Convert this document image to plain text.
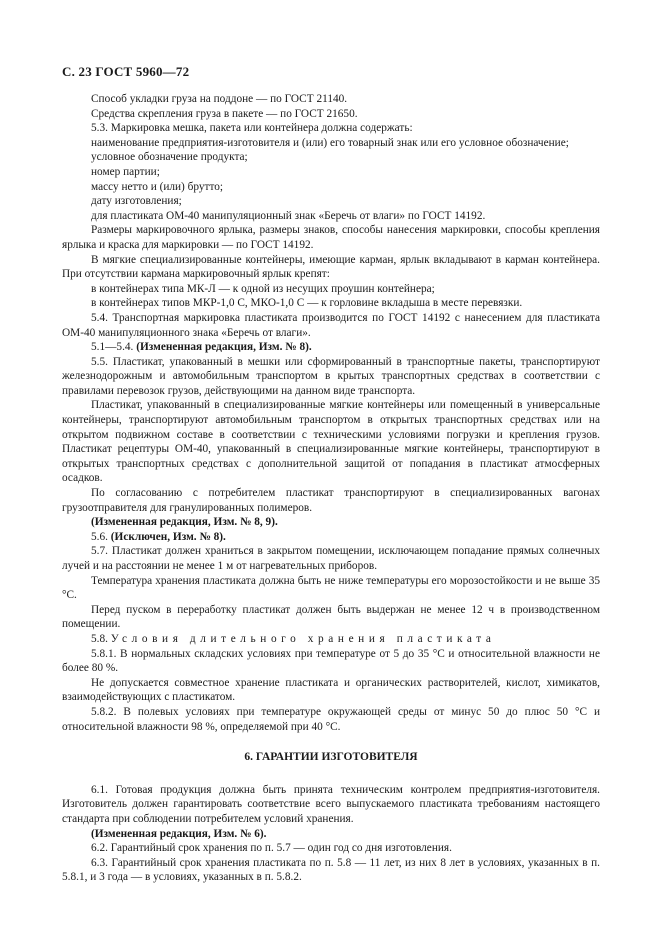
С. 23 ГОСТ 5960—72

Способ укладки груза на поддоне — по ГОСТ 21140.

Средства скрепления груза в пакете — по ГОСТ 21650.

5.3. Маркировка мешка, пакета или контейнера должна содержать:

наименование предприятия-изготовителя и (или) его товарный знак или его условное обозначение;

условное обозначение продукта;

номер партии;

массу нетто и (или) брутто;

дату изготовления;

для пластиката ОМ-40 манипуляционный знак «Беречь от влаги» по ГОСТ 14192.

Размеры маркировочного ярлыка, размеры знаков, способы нанесения маркировки, способы крепления ярлыка и краска для маркировки — по ГОСТ 14192.

В мягкие специализированные контейнеры, имеющие карман, ярлык вкладывают в карман контейнера. При отсутствии кармана маркировочный ярлык крепят:

в контейнерах типа МК-Л — к одной из несущих проушин контейнера;

в контейнерах типов МКР-1,0 С, МКО-1,0 С — к горловине вкладыша в месте перевязки.

5.4. Транспортная маркировка пластиката производится по ГОСТ 14192 с нанесением для пластиката ОМ-40 манипуляционного знака «Беречь от влаги».

5.1—5.4. (Измененная редакция, Изм. № 8).

5.5. Пластикат, упакованный в мешки или сформированный в транспортные пакеты, транспортируют железнодорожным и автомобильным транспортом в крытых транспортных средствах в соответствии с правилами перевозок грузов, действующими на данном виде транспорта.

Пластикат, упакованный в специализированные мягкие контейнеры или помещенный в универсальные контейнеры, транспортируют автомобильным транспортом в открытых транспортных средствах или на открытом подвижном составе в соответствии с техническими условиями погрузки и крепления грузов. Пластикат рецептуры ОМ-40, упакованный в специализированные мягкие контейнеры, транспортируют в открытых транспортных средствах с дополнительной защитой от попадания в пластикат атмосферных осадков.

По согласованию с потребителем пластикат транспортируют в специализированных вагонах грузоотправителя для гранулированных полимеров.

(Измененная редакция, Изм. № 8, 9).

5.6. (Исключен, Изм. № 8).

5.7. Пластикат должен храниться в закрытом помещении, исключающем попадание прямых солнечных лучей и на расстоянии не менее 1 м от нагревательных приборов.

Температура хранения пластиката должна быть не ниже температуры его морозостойкости и не выше 35 °С.

Перед пуском в переработку пластикат должен быть выдержан не менее 12 ч в производственном помещении.

5.8. Условия длительного хранения пластиката

5.8.1. В нормальных складских условиях при температуре от 5 до 35 °С и относительной влажности не более 80 %.

Не допускается совместное хранение пластиката и органических растворителей, кислот, химикатов, взаимодействующих с пластикатом.

5.8.2. В полевых условиях при температуре окружающей среды от минус 50 до плюс 50 °С и относительной влажности 98 %, определяемой при 40 °С.

6. ГАРАНТИИ ИЗГОТОВИТЕЛЯ

6.1. Готовая продукция должна быть принята техническим контролем предприятия-изготовителя. Изготовитель должен гарантировать соответствие всего выпускаемого пластиката требованиям настоящего стандарта при соблюдении потребителем условий хранения.

(Измененная редакция, Изм. № 6).

6.2. Гарантийный срок хранения по п. 5.7 — один год со дня изготовления.

6.3. Гарантийный срок хранения пластиката по п. 5.8 — 11 лет, из них 8 лет в условиях, указанных в п. 5.8.1, и 3 года — в условиях, указанных в п. 5.8.2.
